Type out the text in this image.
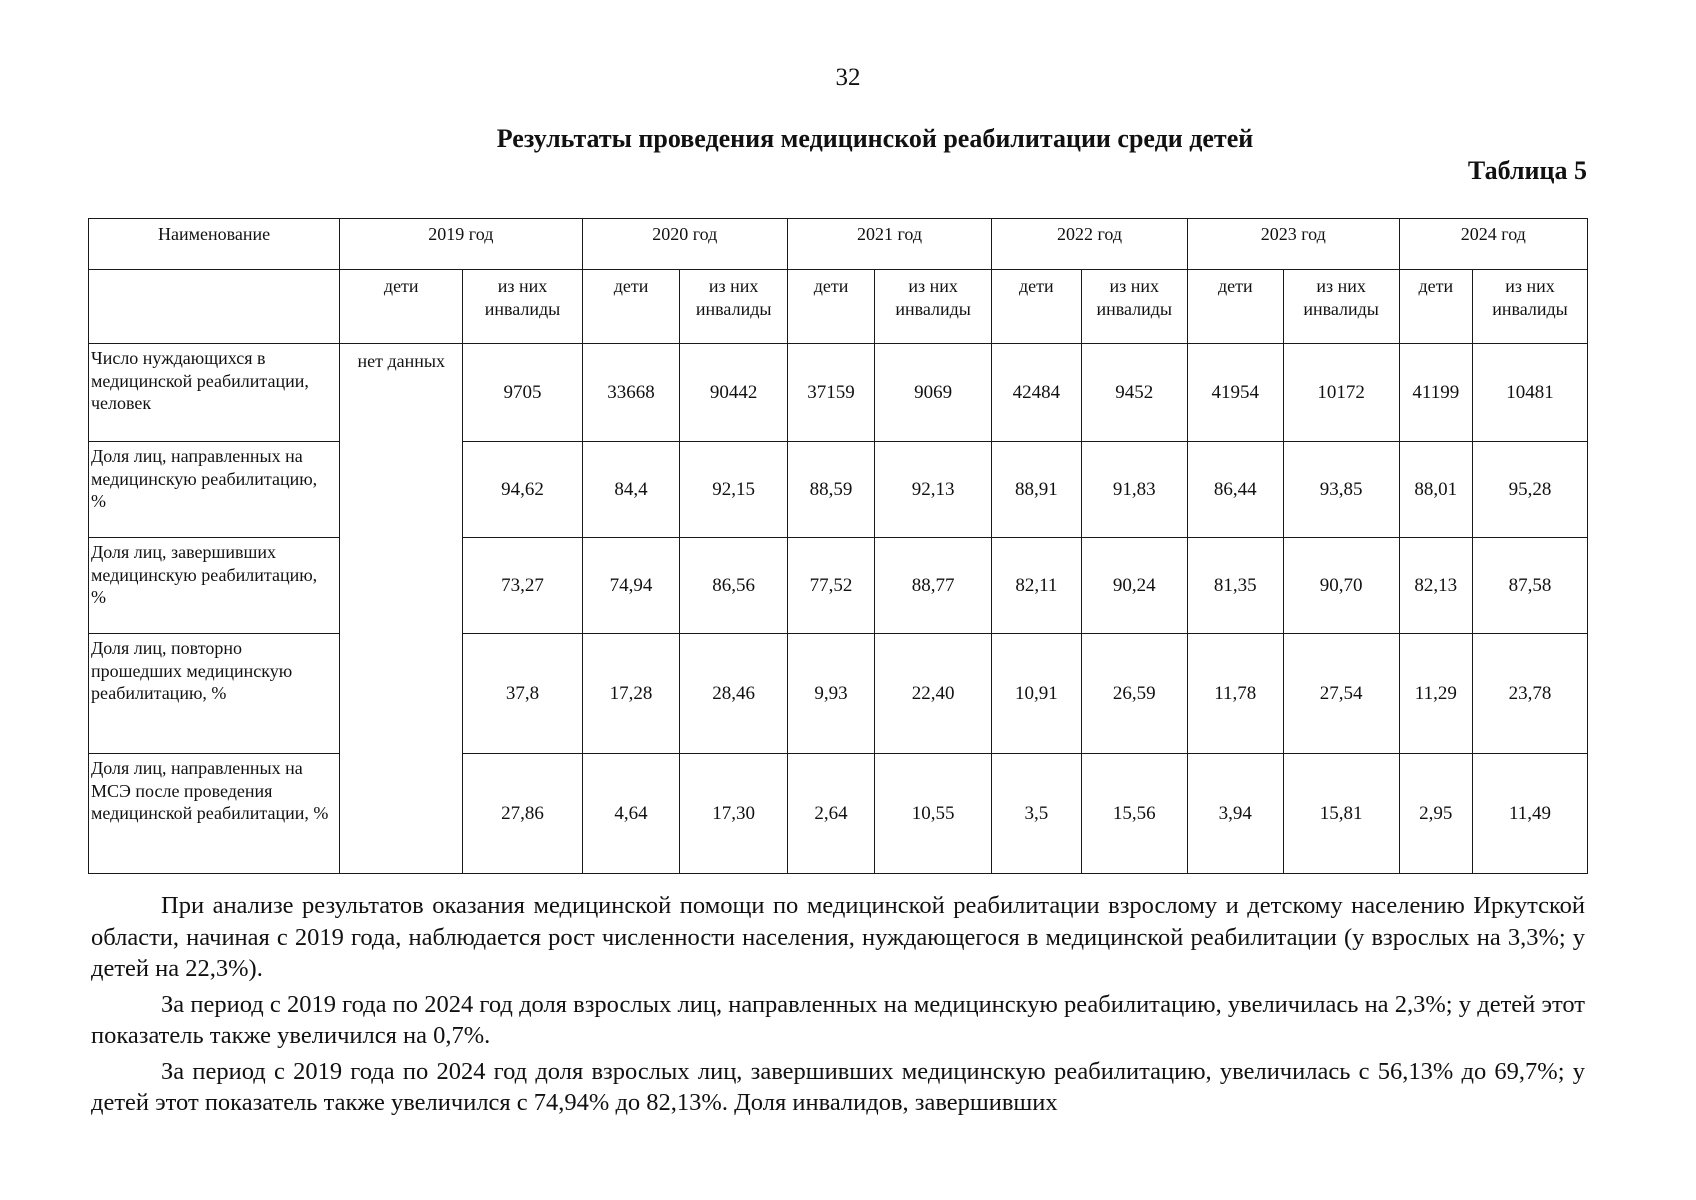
32
Результаты проведения медицинской реабилитации среди детей
Таблица 5
Наименование	2019 год		2020 год		2021 год		2022 год		2023 год		2024 год	
	дети	из них инвалиды	дети	из них инвалиды	дети	из них инвалиды	дети	из них инвалиды	дети	из них инвалиды	дети	из них инвалиды
Число нуждающихся в медицинской реабилитации, человек	нет данных	9705	33668	90442	37159	9069	42484	9452	41954	10172	41199	10481
Доля лиц, направленных на медицинскую реабилитацию, %		94,62	84,4	92,15	88,59	92,13	88,91	91,83	86,44	93,85	88,01	95,28
Доля лиц, завершивших медицинскую реабилитацию, %		73,27	74,94	86,56	77,52	88,77	82,11	90,24	81,35	90,70	82,13	87,58
Доля лиц, повторно прошедших медицинскую реабилитацию, %		37,8	17,28	28,46	9,93	22,40	10,91	26,59	11,78	27,54	11,29	23,78
Доля лиц, направленных на МСЭ после проведения медицинской реабилитации, %		27,86	4,64	17,30	2,64	10,55	3,5	15,56	3,94	15,81	2,95	11,49

При анализе результатов оказания медицинской помощи по медицинской реабилитации взрослому и детскому населению Иркутской области, начиная с 2019 года, наблюдается рост численности населения, нуждающегося в медицинской реабилитации (у взрослых на 3,3%; у детей на 22,3%).

За период с 2019 года по 2024 год доля взрослых лиц, направленных на медицинскую реабилитацию, увеличилась на 2,3%; у детей этот показатель также увеличился на 0,7%.

За период с 2019 года по 2024 год доля взрослых лиц, завершивших медицинскую реабилитацию, увеличилась с 56,13% до 69,7%; у детей этот показатель также увеличился с 74,94% до 82,13%. Доля инвалидов, завершивших
